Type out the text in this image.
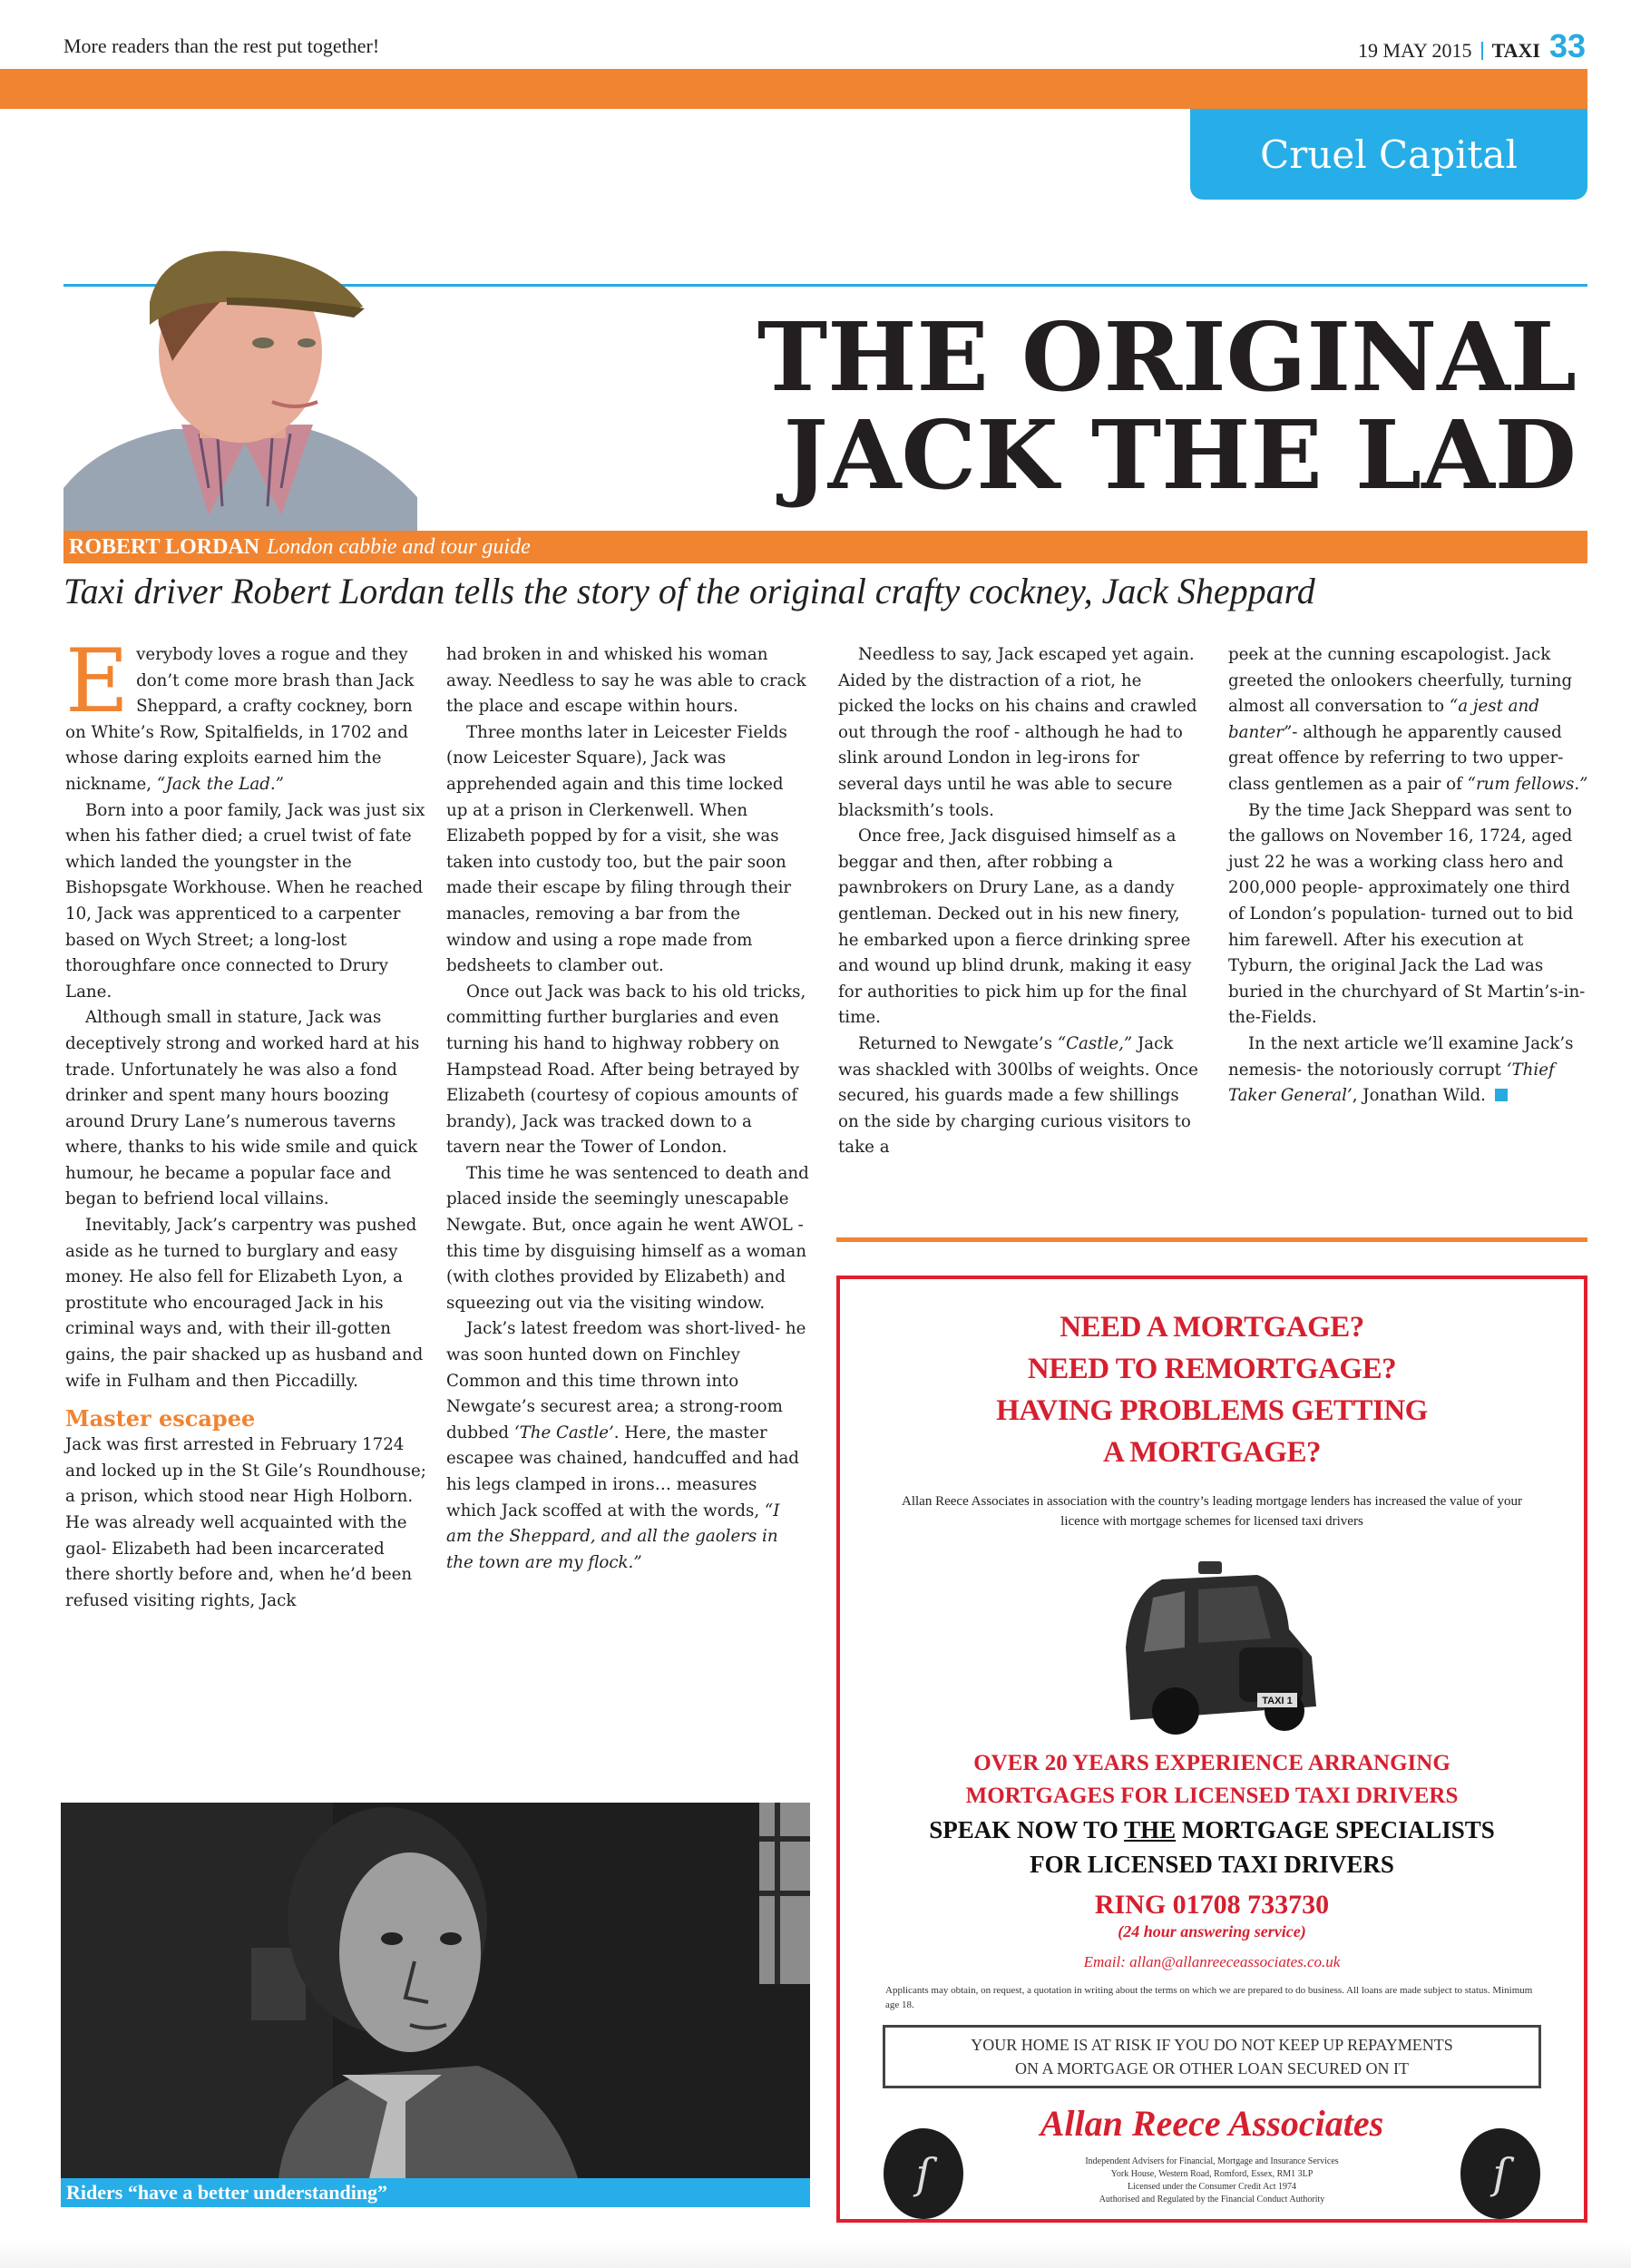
More readers than the rest put together!	19 MAY 2015 TAXI 33
Cruel Capital
THE ORIGINAL
JACK THE LAD
ROBERT LORDAN London cabbie and tour guide
Taxi driver Robert Lordan tells the story of the original crafty cockney, Jack Sheppard

Everybody loves a rogue and they don’t come more brash than Jack Sheppard, a crafty cockney, born on White’s Row, Spitalfields, in 1702 and whose daring exploits earned him the nickname, “Jack the Lad.”

Born into a poor family, Jack was just six when his father died; a cruel twist of fate which landed the youngster in the Bishopsgate Workhouse. When he reached 10, Jack was apprenticed to a carpenter based on Wych Street; a long-lost thoroughfare once connected to Drury Lane.

Although small in stature, Jack was deceptively strong and worked hard at his trade. Unfortunately he was also a fond drinker and spent many hours boozing around Drury Lane’s numerous taverns where, thanks to his wide smile and quick humour, he became a popular face and began to befriend local villains.

Inevitably, Jack’s carpentry was pushed aside as he turned to burglary and easy money. He also fell for Elizabeth Lyon, a prostitute who encouraged Jack in his criminal ways and, with their ill-gotten gains, the pair shacked up as husband and wife in Fulham and then Piccadilly.

Master escapee

Jack was first arrested in February 1724 and locked up in the St Gile’s Roundhouse; a prison, which stood near High Holborn. He was already well acquainted with the gaol- Elizabeth had been incarcerated there shortly before and, when he’d been refused visiting rights, Jack

had broken in and whisked his woman away. Needless to say he was able to crack the place and escape within hours.

Three months later in Leicester Fields (now Leicester Square), Jack was apprehended again and this time locked up at a prison in Clerkenwell. When Elizabeth popped by for a visit, she was taken into custody too, but the pair soon made their escape by filing through their manacles, removing a bar from the window and using a rope made from bedsheets to clamber out.

Once out Jack was back to his old tricks, committing further burglaries and even turning his hand to highway robbery on Hampstead Road. After being betrayed by Elizabeth (courtesy of copious amounts of brandy), Jack was tracked down to a tavern near the Tower of London.

This time he was sentenced to death and placed inside the seemingly unescapable Newgate. But, once again he went AWOL - this time by disguising himself as a woman (with clothes provided by Elizabeth) and squeezing out via the visiting window.

Jack’s latest freedom was short-lived- he was soon hunted down on Finchley Common and this time thrown into Newgate’s securest area; a strong-room dubbed ‘The Castle’. Here, the master escapee was chained, handcuffed and had his legs clamped in irons… measures which Jack scoffed at with the words, “I am the Sheppard, and all the gaolers in the town are my flock.”

Needless to say, Jack escaped yet again. Aided by the distraction of a riot, he picked the locks on his chains and crawled out through the roof - although he had to slink around London in leg-irons for several days until he was able to secure blacksmith’s tools.

Once free, Jack disguised himself as a beggar and then, after robbing a pawnbrokers on Drury Lane, as a dandy gentleman. Decked out in his new finery, he embarked upon a fierce drinking spree and wound up blind drunk, making it easy for authorities to pick him up for the final time.

Returned to Newgate’s “Castle,” Jack was shackled with 300lbs of weights. Once secured, his guards made a few shillings on the side by charging curious visitors to take a

peek at the cunning escapologist. Jack greeted the onlookers cheerfully, turning almost all conversation to “a jest and banter”- although he apparently caused great offence by referring to two upper-class gentlemen as a pair of “rum fellows.”

By the time Jack Sheppard was sent to the gallows on November 16, 1724, aged just 22 he was a working class hero and 200,000 people- approximately one third of London’s population- turned out to bid him farewell. After his execution at Tyburn, the original Jack the Lad was buried in the churchyard of St Martin’s-in-the-Fields.

In the next article we’ll examine Jack’s nemesis- the notoriously corrupt ‘Thief Taker General’, Jonathan Wild.

Riders “have a better understanding”
NEED A MORTGAGE?
NEED TO REMORTGAGE?
HAVING PROBLEMS GETTING
A MORTGAGE?
Allan Reece Associates in association with the country’s leading mortgage lenders has increased the value of your licence with mortgage schemes for licensed taxi drivers
TAXI 1
OVER 20 YEARS EXPERIENCE ARRANGING
MORTGAGES FOR LICENSED TAXI DRIVERS
SPEAK NOW TO THE MORTGAGE SPECIALISTS
FOR LICENSED TAXI DRIVERS
RING 01708 733730
(24 hour answering service)
Email: allan@allanreeceassociates.co.uk
Applicants may obtain, on request, a quotation in writing about the terms on which we are prepared to do business. All loans are made subject to status. Minimum age 18.
YOUR HOME IS AT RISK IF YOU DO NOT KEEP UP REPAYMENTS
ON A MORTGAGE OR OTHER LOAN SECURED ON IT
ſ
Allan Reece Associates
Independent Advisers for Financial, Mortgage and Insurance Services
York House, Western Road, Romford, Essex, RM1 3LP
Licensed under the Consumer Credit Act 1974
Authorised and Regulated by the Financial Conduct Authority
ſ
